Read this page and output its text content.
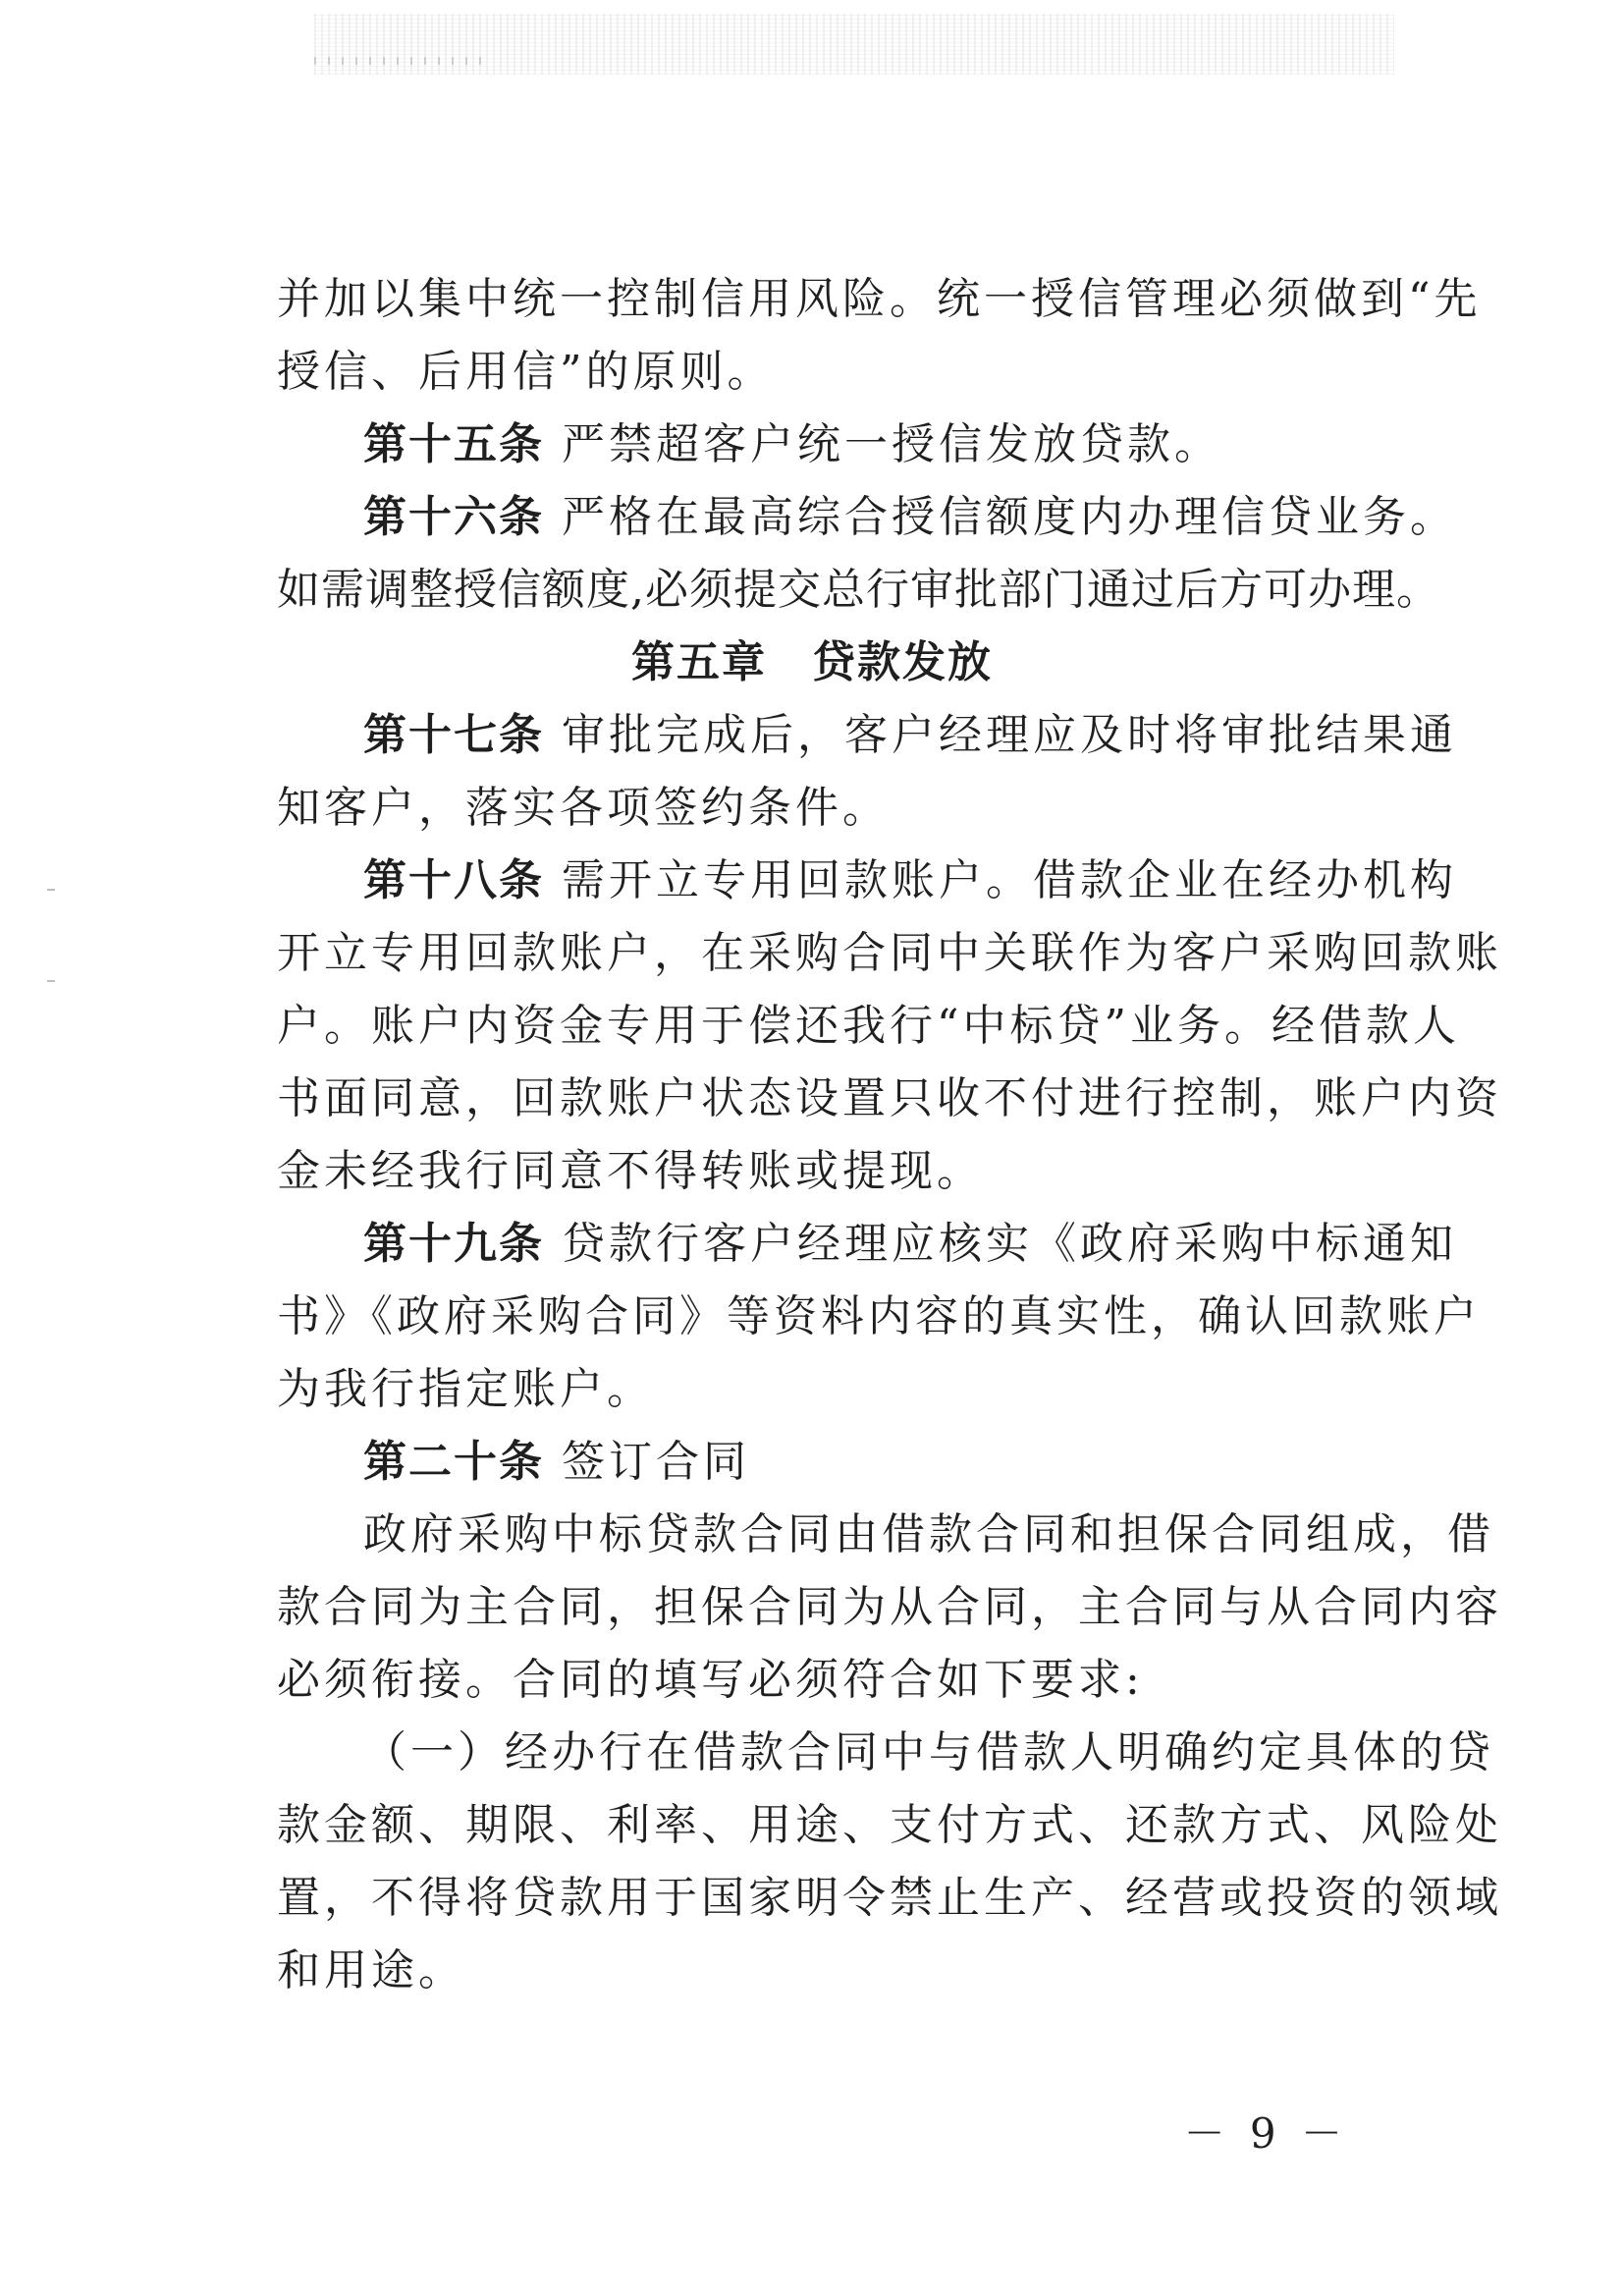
并加以集中统一控制信用风险。统一授信管理必须做到“先
授信、后用信”的原则。
第十五条 严禁超客户统一授信发放贷款。
第十六条 严格在最高综合授信额度内办理信贷业务。
如需调整授信额度,必须提交总行审批部门通过后方可办理。
第五章　贷款发放
第十七条 审批完成后，客户经理应及时将审批结果通
知客户，落实各项签约条件。
第十八条 需开立专用回款账户。借款企业在经办机构
开立专用回款账户，在采购合同中关联作为客户采购回款账
户。账户内资金专用于偿还我行“中标贷”业务。经借款人
书面同意，回款账户状态设置只收不付进行控制，账户内资
金未经我行同意不得转账或提现。
第十九条 贷款行客户经理应核实《政府采购中标通知
书》《政府采购合同》等资料内容的真实性，确认回款账户
为我行指定账户。
第二十条 签订合同
政府采购中标贷款合同由借款合同和担保合同组成，借
款合同为主合同，担保合同为从合同，主合同与从合同内容
必须衔接。合同的填写必须符合如下要求:
（一）经办行在借款合同中与借款人明确约定具体的贷
款金额、期限、利率、用途、支付方式、还款方式、风险处
置，不得将贷款用于国家明令禁止生产、经营或投资的领域
和用途。
－ 9 －
